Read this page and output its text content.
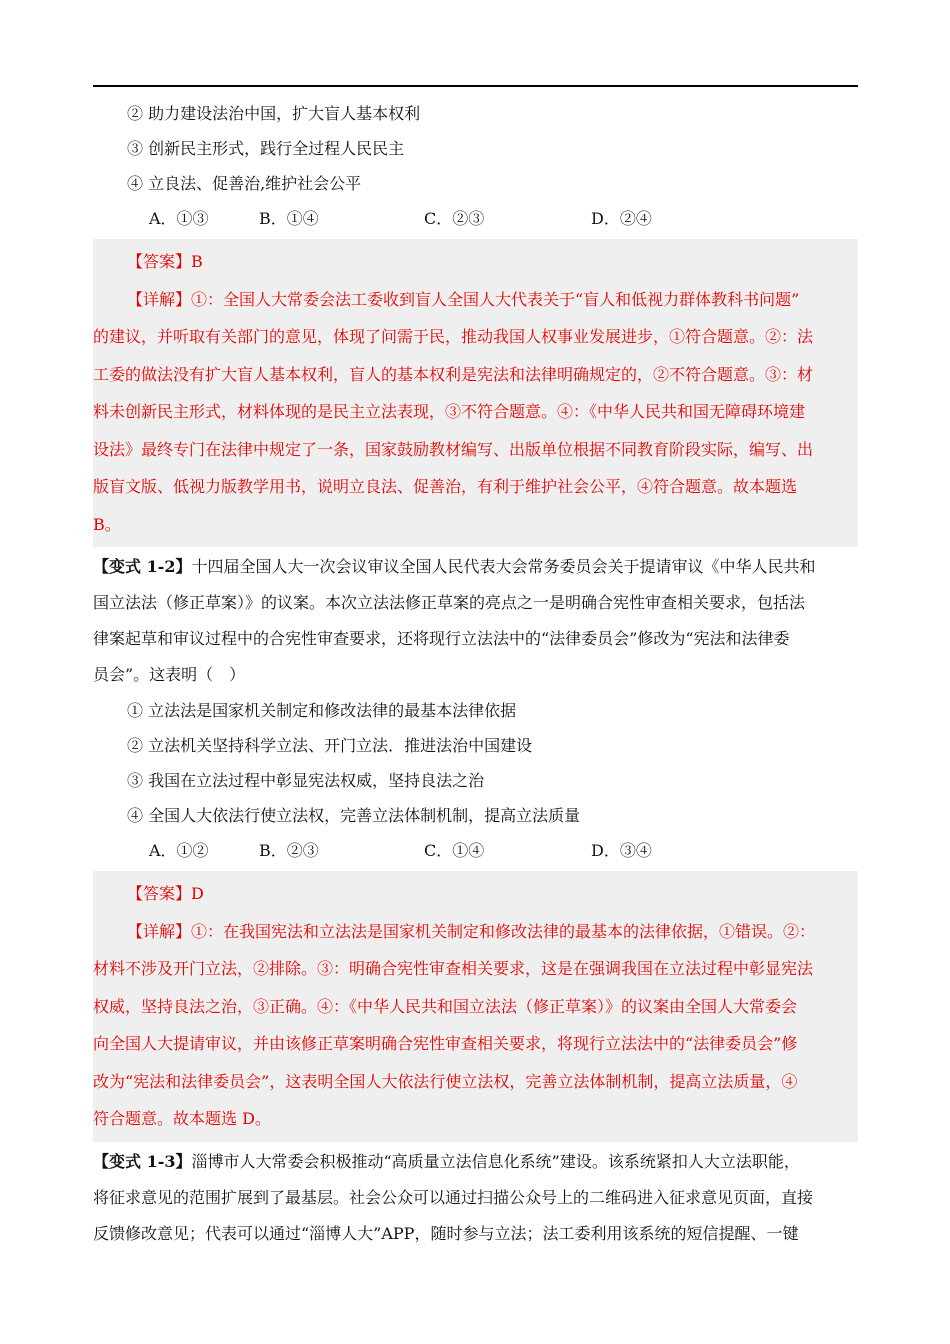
② 助力建设法治中国，扩大盲人基本权利
③ 创新民主形式，践行全过程人民民主
④ 立良法、促善治,维护社会公平
A．①③	B．①④	C．②③	D．②④
【答案】B
【详解】①：全国人大常委会法工委收到盲人全国人大代表关于“盲人和低视力群体教科书问题”
的建议，并听取有关部门的意见，体现了问需于民，推动我国人权事业发展进步，①符合题意。②：法
工委的做法没有扩大盲人基本权利，盲人的基本权利是宪法和法律明确规定的，②不符合题意。③：材
料未创新民主形式，材料体现的是民主立法表现，③不符合题意。④：《中华人民共和国无障碍环境建
设法》最终专门在法律中规定了一条，国家鼓励教材编写、出版单位根据不同教育阶段实际，编写、出
版盲文版、低视力版教学用书，说明立良法、促善治，有利于维护社会公平，④符合题意。故本题选
B。
【变式 1-2】十四届全国人大一次会议审议全国人民代表大会常务委员会关于提请审议《中华人民共和
国立法法（修正草案）》的议案。本次立法法修正草案的亮点之一是明确合宪性审查相关要求，包括法
律案起草和审议过程中的合宪性审查要求，还将现行立法法中的“法律委员会”修改为“宪法和法律委
员会”。这表明（　）
① 立法法是国家机关制定和修改法律的最基本法律依据
② 立法机关坚持科学立法、开门立法．推进法治中国建设
③ 我国在立法过程中彰显宪法权威，坚持良法之治
④ 全国人大依法行使立法权，完善立法体制机制，提高立法质量
A．①②	B．②③	C．①④	D．③④
【答案】D
【详解】①：在我国宪法和立法法是国家机关制定和修改法律的最基本的法律依据，①错误。②：
材料不涉及开门立法，②排除。③：明确合宪性审查相关要求，这是在强调我国在立法过程中彰显宪法
权威，坚持良法之治，③正确。④：《中华人民共和国立法法（修正草案）》的议案由全国人大常委会
向全国人大提请审议，并由该修正草案明确合宪性审查相关要求，将现行立法法中的“法律委员会”修
改为“宪法和法律委员会”，这表明全国人大依法行使立法权，完善立法体制机制，提高立法质量，④
符合题意。故本题选 D。
【变式 1-3】淄博市人大常委会积极推动“高质量立法信息化系统”建设。该系统紧扣人大立法职能，
将征求意见的范围扩展到了最基层。社会公众可以通过扫描公众号上的二维码进入征求意见页面，直接
反馈修改意见；代表可以通过“淄博人大”APP，随时参与立法；法工委利用该系统的短信提醒、一键
